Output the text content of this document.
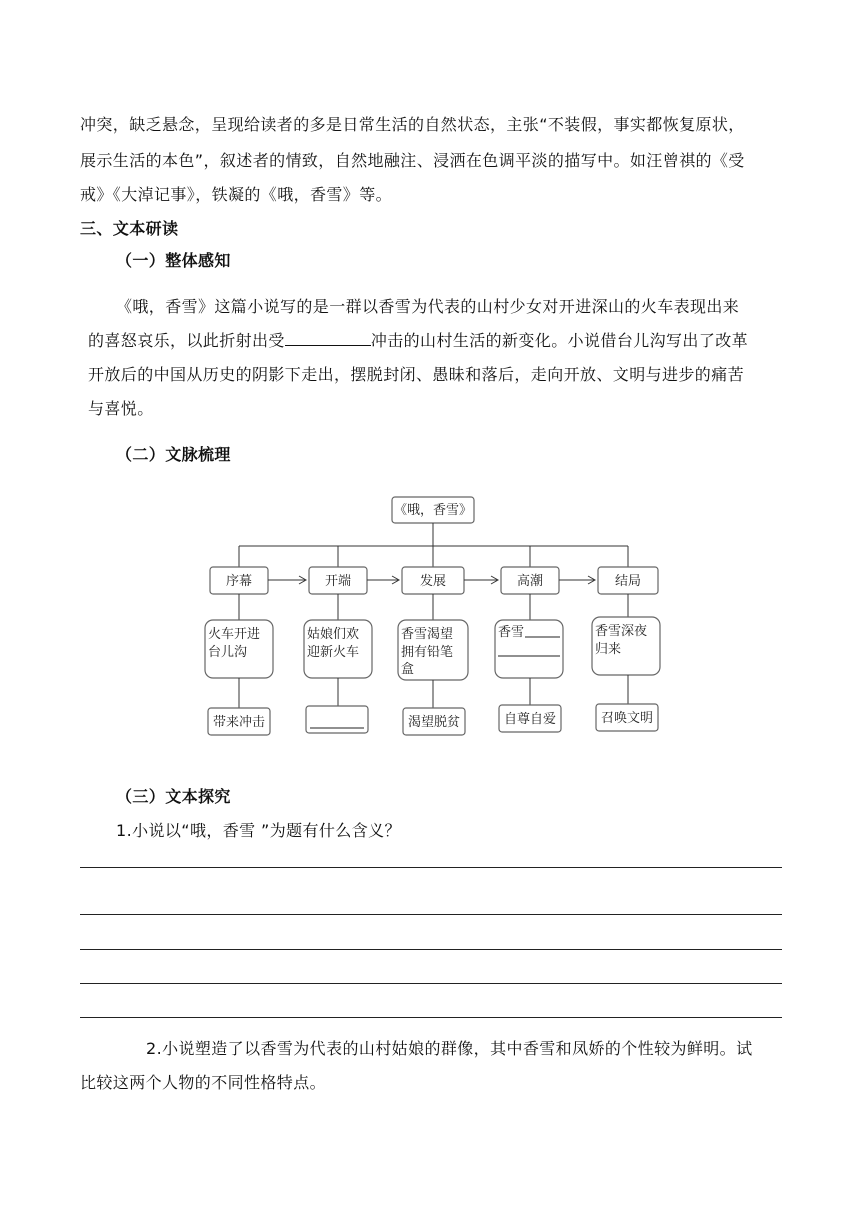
冲突，缺乏悬念，呈现给读者的多是日常生活的自然状态，主张“不装假，事实都恢复原状，
展示生活的本色”，叙述者的情致，自然地融注、浸洒在色调平淡的描写中。如汪曾祺的《受
戒》《大淖记事》，铁凝的《哦，香雪》等。
三、文本研读
（一）整体感知
《哦，香雪》这篇小说写的是一群以香雪为代表的山村少女对开进深山的火车表现出来
的喜怒哀乐，以此折射出受	冲击的山村生活的新变化。小说借台儿沟写出了改革
开放后的中国从历史的阴影下走出，摆脱封闭、愚昧和落后，走向开放、文明与进步的痛苦
与喜悦。
（二）文脉梳理
《哦，香雪》
序幕	开端	发展	高潮	结局
火车开进
台儿沟
姑娘们欢
迎新火车
香雪渴望
拥有铅笔
盒
香雪	香雪深夜
归来
带来冲击	渴望脱贫	自尊自爱	召唤文明
（三）文本探究
1.小说以“哦，香雪 ”为题有什么含义？
2.小说塑造了以香雪为代表的山村姑娘的群像，其中香雪和凤娇的个性较为鲜明。试
比较这两个人物的不同性格特点。
